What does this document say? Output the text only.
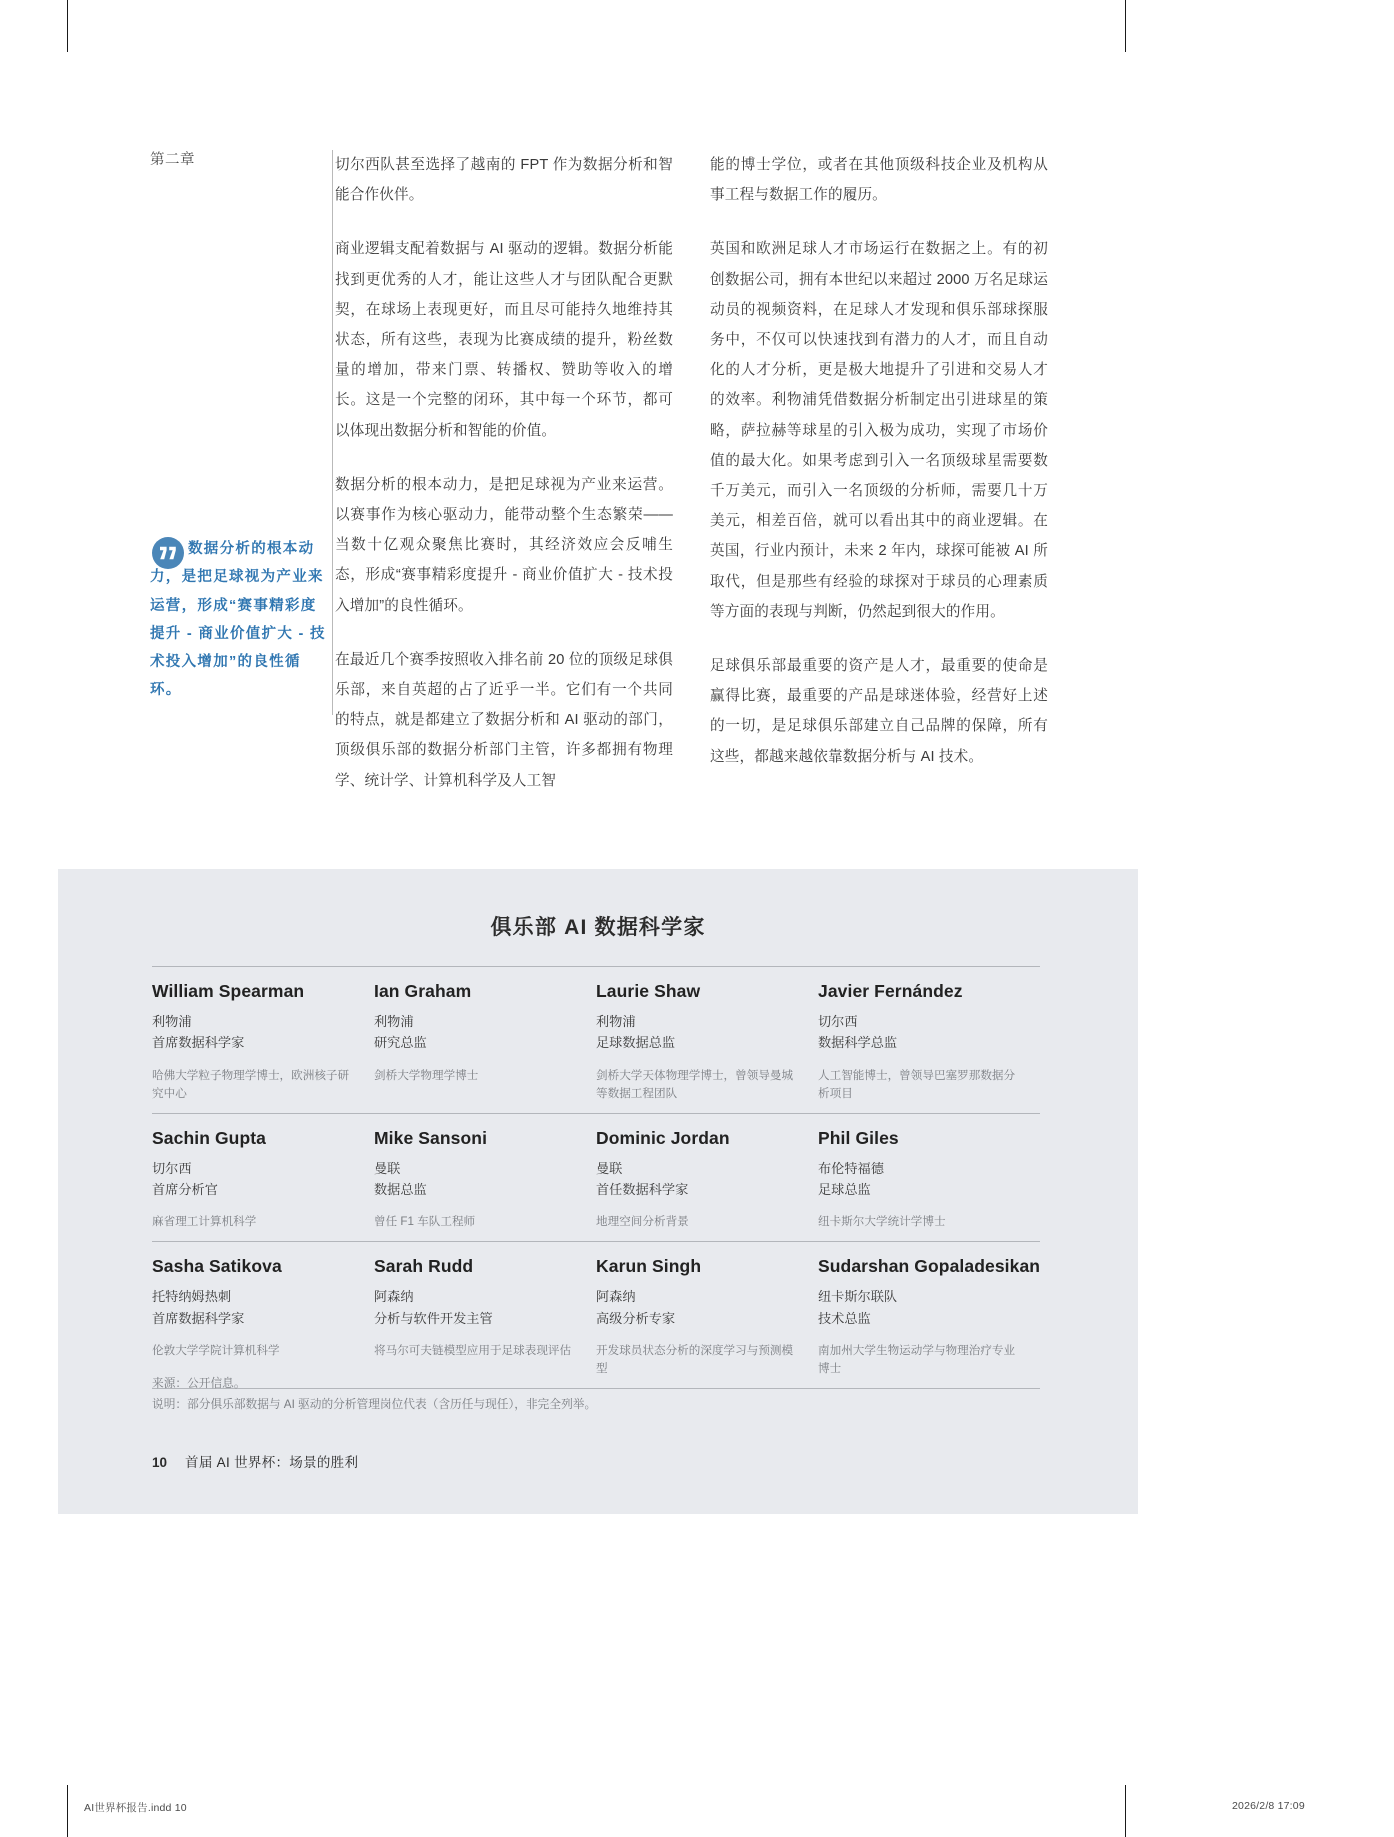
第二章
数据分析的根本动力，是把足球视为产业来运营，形成“赛事精彩度提升 - 商业价值扩大 - 技术投入增加”的良性循环。

切尔西队甚至选择了越南的 FPT 作为数据分析和智能合作伙伴。

商业逻辑支配着数据与 AI 驱动的逻辑。数据分析能找到更优秀的人才，能让这些人才与团队配合更默契，在球场上表现更好，而且尽可能持久地维持其状态，所有这些，表现为比赛成绩的提升，粉丝数量的增加，带来门票、转播权、赞助等收入的增长。这是一个完整的闭环，其中每一个环节，都可以体现出数据分析和智能的价值。

数据分析的根本动力，是把足球视为产业来运营。以赛事作为核心驱动力，能带动整个生态繁荣——当数十亿观众聚焦比赛时，其经济效应会反哺生态，形成“赛事精彩度提升 - 商业价值扩大 - 技术投入增加”的良性循环。

在最近几个赛季按照收入排名前 20 位的顶级足球俱乐部，来自英超的占了近乎一半。它们有一个共同的特点，就是都建立了数据分析和 AI 驱动的部门，顶级俱乐部的数据分析部门主管，许多都拥有物理学、统计学、计算机科学及人工智

能的博士学位，或者在其他顶级科技企业及机构从事工程与数据工作的履历。

英国和欧洲足球人才市场运行在数据之上。有的初创数据公司，拥有本世纪以来超过 2000 万名足球运动员的视频资料，在足球人才发现和俱乐部球探服务中，不仅可以快速找到有潜力的人才，而且自动化的人才分析，更是极大地提升了引进和交易人才的效率。利物浦凭借数据分析制定出引进球星的策略，萨拉赫等球星的引入极为成功，实现了市场价值的最大化。如果考虑到引入一名顶级球星需要数千万美元，而引入一名顶级的分析师，需要几十万美元，相差百倍，就可以看出其中的商业逻辑。在英国，行业内预计，未来 2 年内，球探可能被 AI 所取代，但是那些有经验的球探对于球员的心理素质等方面的表现与判断，仍然起到很大的作用。

足球俱乐部最重要的资产是人才，最重要的使命是赢得比赛，最重要的产品是球迷体验，经营好上述的一切，是足球俱乐部建立自己品牌的保障，所有这些，都越来越依靠数据分析与 AI 技术。

俱乐部 AI 数据科学家
William Spearman
利物浦
首席数据科学家
哈佛大学粒子物理学博士，欧洲核子研究中心
Ian Graham
利物浦
研究总监
剑桥大学物理学博士
Laurie Shaw
利物浦
足球数据总监
剑桥大学天体物理学博士，曾领导曼城等数据工程团队
Javier Fernández
切尔西
数据科学总监
人工智能博士，曾领导巴塞罗那数据分析项目
Sachin Gupta
切尔西
首席分析官
麻省理工计算机科学
Mike Sansoni
曼联
数据总监
曾任 F1 车队工程师
Dominic Jordan
曼联
首任数据科学家
地理空间分析背景
Phil Giles
布伦特福德
足球总监
纽卡斯尔大学统计学博士
Sasha Satikova
托特纳姆热刺
首席数据科学家
伦敦大学学院计算机科学
Sarah Rudd
阿森纳
分析与软件开发主管
将马尔可夫链模型应用于足球表现评估
Karun Singh
阿森纳
高级分析专家
开发球员状态分析的深度学习与预测模型
Sudarshan Gopaladesikan
纽卡斯尔联队
技术总监
南加州大学生物运动学与物理治疗专业博士
来源：公开信息。
说明：部分俱乐部数据与 AI 驱动的分析管理岗位代表（含历任与现任），非完全列举。
10 首届 AI 世界杯：场景的胜利
AI世界杯报告.indd 10	2026/2/8 17:09
